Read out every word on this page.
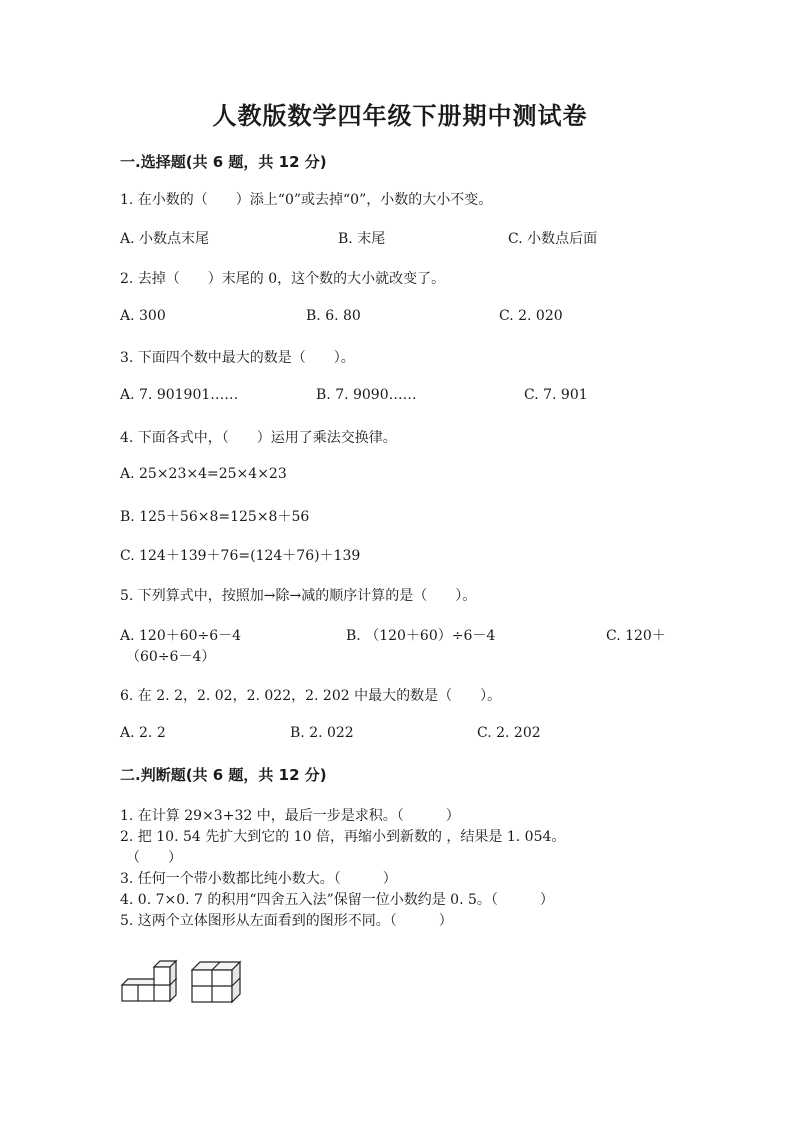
人教版数学四年级下册期中测试卷
一.选择题(共 6 题，共 12 分)
1. 在小数的（　　）添上“0”或去掉“0”，小数的大小不变。
A. 小数点末尾	B. 末尾	C. 小数点后面
2. 去掉（　　）末尾的 0，这个数的大小就改变了。
A. 300	B. 6. 80	C. 2. 020
3. 下面四个数中最大的数是（　　）。
A. 7. 901901……	B. 7. 9090……	C. 7. 901
4. 下面各式中，（　　）运用了乘法交换律。
A. 25×23×4=25×4×23
B. 125＋56×8=125×8＋56
C. 124＋139＋76=(124＋76)＋139
5. 下列算式中，按照加→除→减的顺序计算的是（　　）。
A. 120＋60÷6－4	B. （120＋60）÷6－4	C. 120＋
（60÷6－4）
6. 在 2. 2，2. 02，2. 022，2. 202 中最大的数是（　　）。
A. 2. 2	B. 2. 022	C. 2. 202
二.判断题(共 6 题，共 12 分)
1. 在计算 29×3+32 中，最后一步是求积。（　　　）
2. 把 10. 54 先扩大到它的 10 倍，再缩小到新数的 ，结果是 1. 054。
（　　）
3. 任何一个带小数都比纯小数大。（　　　）
4. 0. 7×0. 7 的积用“四舍五入法”保留一位小数约是 0. 5。（　　　）
5. 这两个立体图形从左面看到的图形不同。（　　　）
